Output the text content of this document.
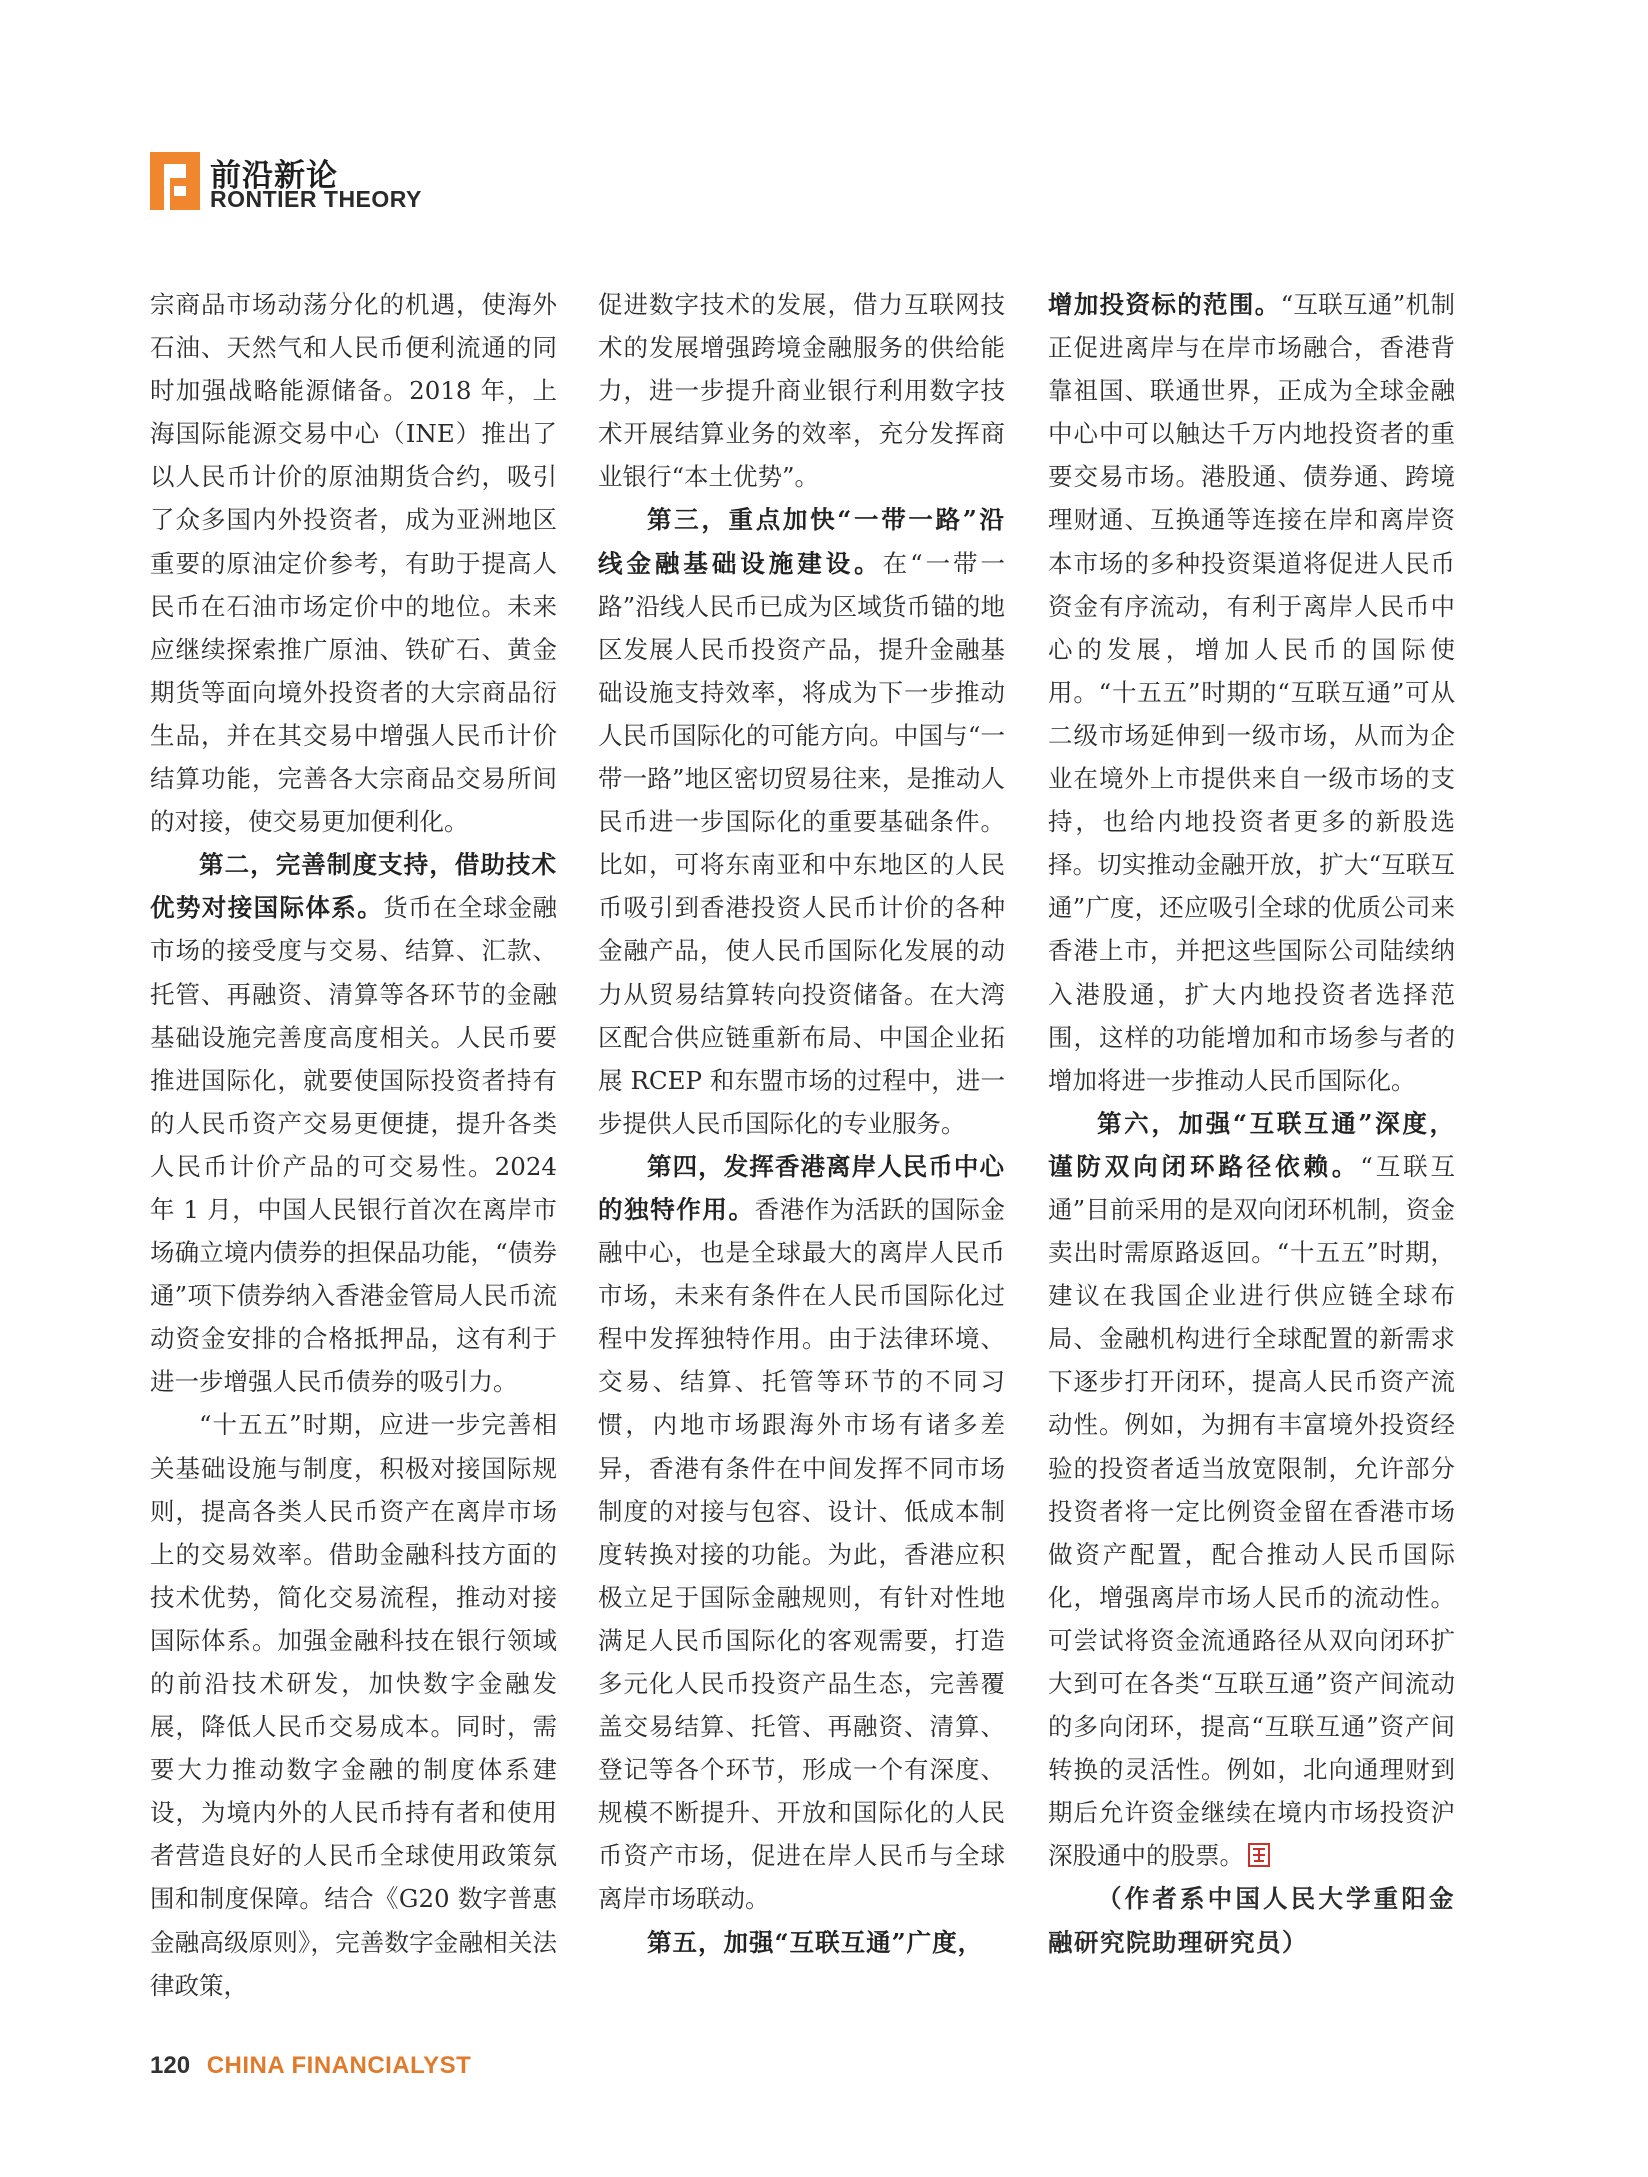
前沿新论
RONTIER THEORY

宗商品市场动荡分化的机遇，使海外石油、天然气和人民币便利流通的同时加强战略能源储备。2018 年，上海国际能源交易中心（INE）推出了以人民币计价的原油期货合约，吸引了众多国内外投资者，成为亚洲地区重要的原油定价参考，有助于提高人民币在石油市场定价中的地位。未来应继续探索推广原油、铁矿石、黄金期货等面向境外投资者的大宗商品衍生品，并在其交易中增强人民币计价结算功能，完善各大宗商品交易所间的对接，使交易更加便利化。

第二，完善制度支持，借助技术优势对接国际体系。货币在全球金融市场的接受度与交易、结算、汇款、托管、再融资、清算等各环节的金融基础设施完善度高度相关。人民币要推进国际化，就要使国际投资者持有的人民币资产交易更便捷，提升各类人民币计价产品的可交易性。2024 年 1 月，中国人民银行首次在离岸市场确立境内债券的担保品功能，“债券通”项下债券纳入香港金管局人民币流动资金安排的合格抵押品，这有利于进一步增强人民币债券的吸引力。

“十五五”时期，应进一步完善相关基础设施与制度，积极对接国际规则，提高各类人民币资产在离岸市场上的交易效率。借助金融科技方面的技术优势，简化交易流程，推动对接国际体系。加强金融科技在银行领域的前沿技术研发，加快数字金融发展，降低人民币交易成本。同时，需要大力推动数字金融的制度体系建设，为境内外的人民币持有者和使用者营造良好的人民币全球使用政策氛围和制度保障。结合《G20 数字普惠金融高级原则》，完善数字金融相关法律政策，

促进数字技术的发展，借力互联网技术的发展增强跨境金融服务的供给能力，进一步提升商业银行利用数字技术开展结算业务的效率，充分发挥商业银行“本土优势”。

第三，重点加快“一带一路”沿线金融基础设施建设。在“一带一路”沿线人民币已成为区域货币锚的地区发展人民币投资产品，提升金融基础设施支持效率，将成为下一步推动人民币国际化的可能方向。中国与“一带一路”地区密切贸易往来，是推动人民币进一步国际化的重要基础条件。比如，可将东南亚和中东地区的人民币吸引到香港投资人民币计价的各种金融产品，使人民币国际化发展的动力从贸易结算转向投资储备。在大湾区配合供应链重新布局、中国企业拓展 RCEP 和东盟市场的过程中，进一步提供人民币国际化的专业服务。

第四，发挥香港离岸人民币中心的独特作用。香港作为活跃的国际金融中心，也是全球最大的离岸人民币市场，未来有条件在人民币国际化过程中发挥独特作用。由于法律环境、交易、结算、托管等环节的不同习惯，内地市场跟海外市场有诸多差异，香港有条件在中间发挥不同市场制度的对接与包容、设计、低成本制度转换对接的功能。为此，香港应积极立足于国际金融规则，有针对性地满足人民币国际化的客观需要，打造多元化人民币投资产品生态，完善覆盖交易结算、托管、再融资、清算、登记等各个环节，形成一个有深度、规模不断提升、开放和国际化的人民币资产市场，促进在岸人民币与全球离岸市场联动。

第五，加强“互联互通”广度，

增加投资标的范围。“互联互通”机制正促进离岸与在岸市场融合，香港背靠祖国、联通世界，正成为全球金融中心中可以触达千万内地投资者的重要交易市场。港股通、债券通、跨境理财通、互换通等连接在岸和离岸资本市场的多种投资渠道将促进人民币资金有序流动，有利于离岸人民币中心的发展，增加人民币的国际使用。“十五五”时期的“互联互通”可从二级市场延伸到一级市场，从而为企业在境外上市提供来自一级市场的支持，也给内地投资者更多的新股选择。切实推动金融开放，扩大“互联互通”广度，还应吸引全球的优质公司来香港上市，并把这些国际公司陆续纳入港股通，扩大内地投资者选择范围，这样的功能增加和市场参与者的增加将进一步推动人民币国际化。

第六，加强“互联互通”深度，谨防双向闭环路径依赖。“互联互通”目前采用的是双向闭环机制，资金卖出时需原路返回。“十五五”时期，建议在我国企业进行供应链全球布局、金融机构进行全球配置的新需求下逐步打开闭环，提高人民币资产流动性。例如，为拥有丰富境外投资经验的投资者适当放宽限制，允许部分投资者将一定比例资金留在香港市场做资产配置，配合推动人民币国际化，增强离岸市场人民币的流动性。可尝试将资金流通路径从双向闭环扩大到可在各类“互联互通”资产间流动的多向闭环，提高“互联互通”资产间转换的灵活性。例如，北向通理财到期后允许资金继续在境内市场投资沪深股通中的股票。

（作者系中国人民大学重阳金融研究院助理研究员）

120 CHINA FINANCIALYST
